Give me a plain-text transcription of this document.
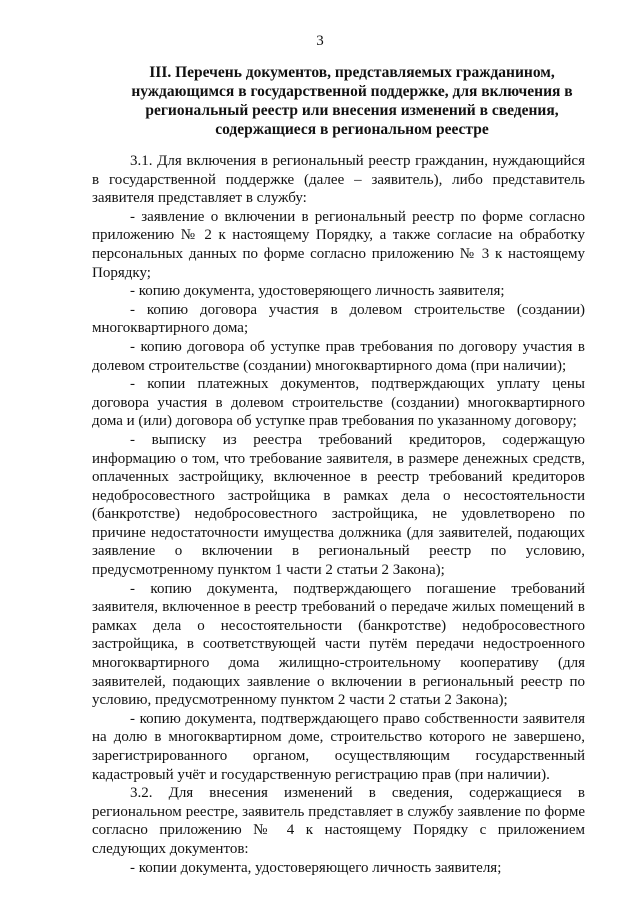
3

III. Перечень документов, представляемых гражданином, нуждающимся в государственной поддержке, для включения в региональный реестр или внесения изменений в сведения, содержащиеся в региональном реестре

3.1. Для включения в региональный реестр гражданин, нуждающийся в государственной поддержке (далее – заявитель), либо представитель заявителя представляет в службу:

- заявление о включении в региональный реестр по форме согласно приложению № 2 к настоящему Порядку, а также согласие на обработку персональных данных по форме согласно приложению № 3 к настоящему Порядку;

- копию документа, удостоверяющего личность заявителя;

- копию договора участия в долевом строительстве (создании) многоквартирного дома;

- копию договора об уступке прав требования по договору участия в долевом строительстве (создании) многоквартирного дома (при наличии);

- копии платежных документов, подтверждающих уплату цены договора участия в долевом строительстве (создании) многоквартирного дома и (или) договора об уступке прав требования по указанному договору;

- выписку из реестра требований кредиторов, содержащую информацию о том, что требование заявителя, в размере денежных средств, оплаченных застройщику, включенное в реестр требований кредиторов недобросовестного застройщика в рамках дела о несостоятельности (банкротстве) недобросовестного застройщика, не удовлетворено по причине недостаточности имущества должника (для заявителей, подающих заявление о включении в региональный реестр по условию, предусмотренному пунктом 1 части 2 статьи 2 Закона);

- копию документа, подтверждающего погашение требований заявителя, включенное в реестр требований о передаче жилых помещений в рамках дела о несостоятельности (банкротстве) недобросовестного застройщика, в соответствующей части путём передачи недостроенного многоквартирного дома жилищно-строительному кооперативу (для заявителей, подающих заявление о включении в региональный реестр по условию, предусмотренному пунктом 2 части 2 статьи 2 Закона);

- копию документа, подтверждающего право собственности заявителя на долю в многоквартирном доме, строительство которого не завершено, зарегистрированного органом, осуществляющим государственный кадастровый учёт и государственную регистрацию прав (при наличии).

3.2. Для внесения изменений в сведения, содержащиеся в региональном реестре, заявитель представляет в службу заявление по форме согласно приложению № 4 к настоящему Порядку с приложением следующих документов:

- копии документа, удостоверяющего личность заявителя;
